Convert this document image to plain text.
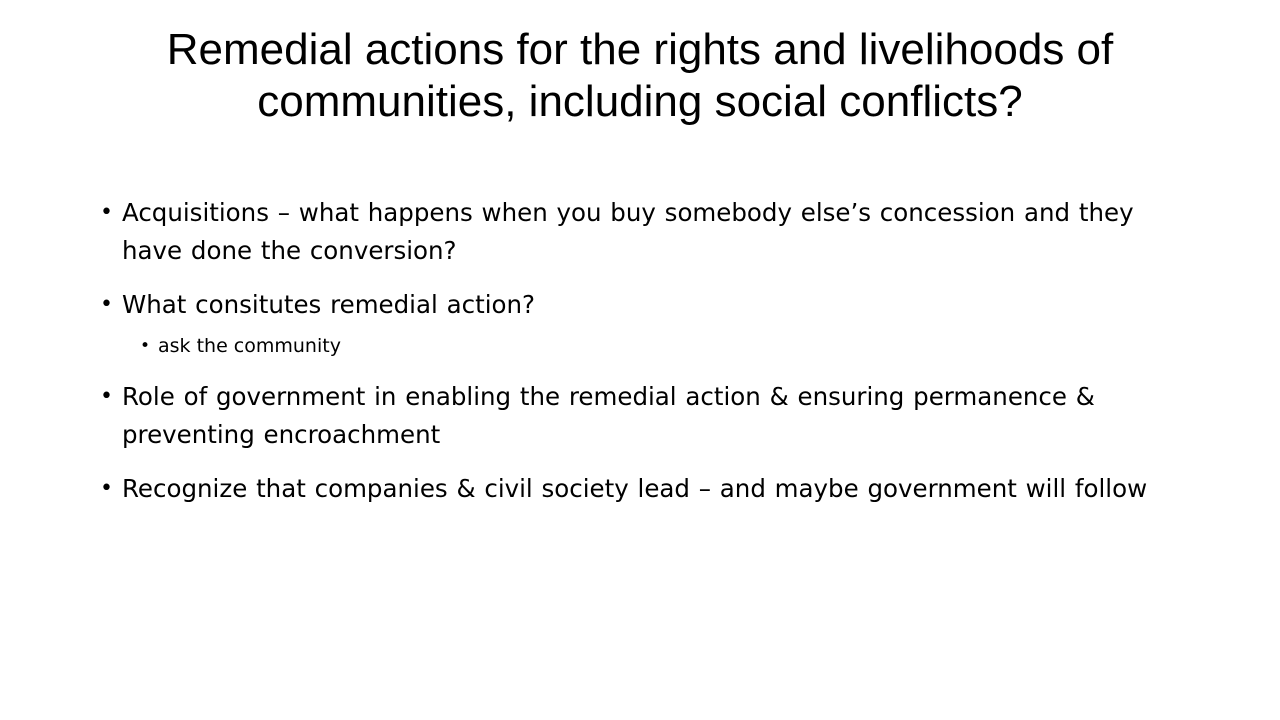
Remedial actions for the rights and livelihoods of communities, including social conflicts?
• Acquisitions – what happens when you buy somebody else’s concession and they have done the conversion?
• What consitutes remedial action?
• ask the community
• Role of government in enabling the remedial action & ensuring permanence & preventing encroachment
• Recognize that companies & civil society lead – and maybe government will follow
